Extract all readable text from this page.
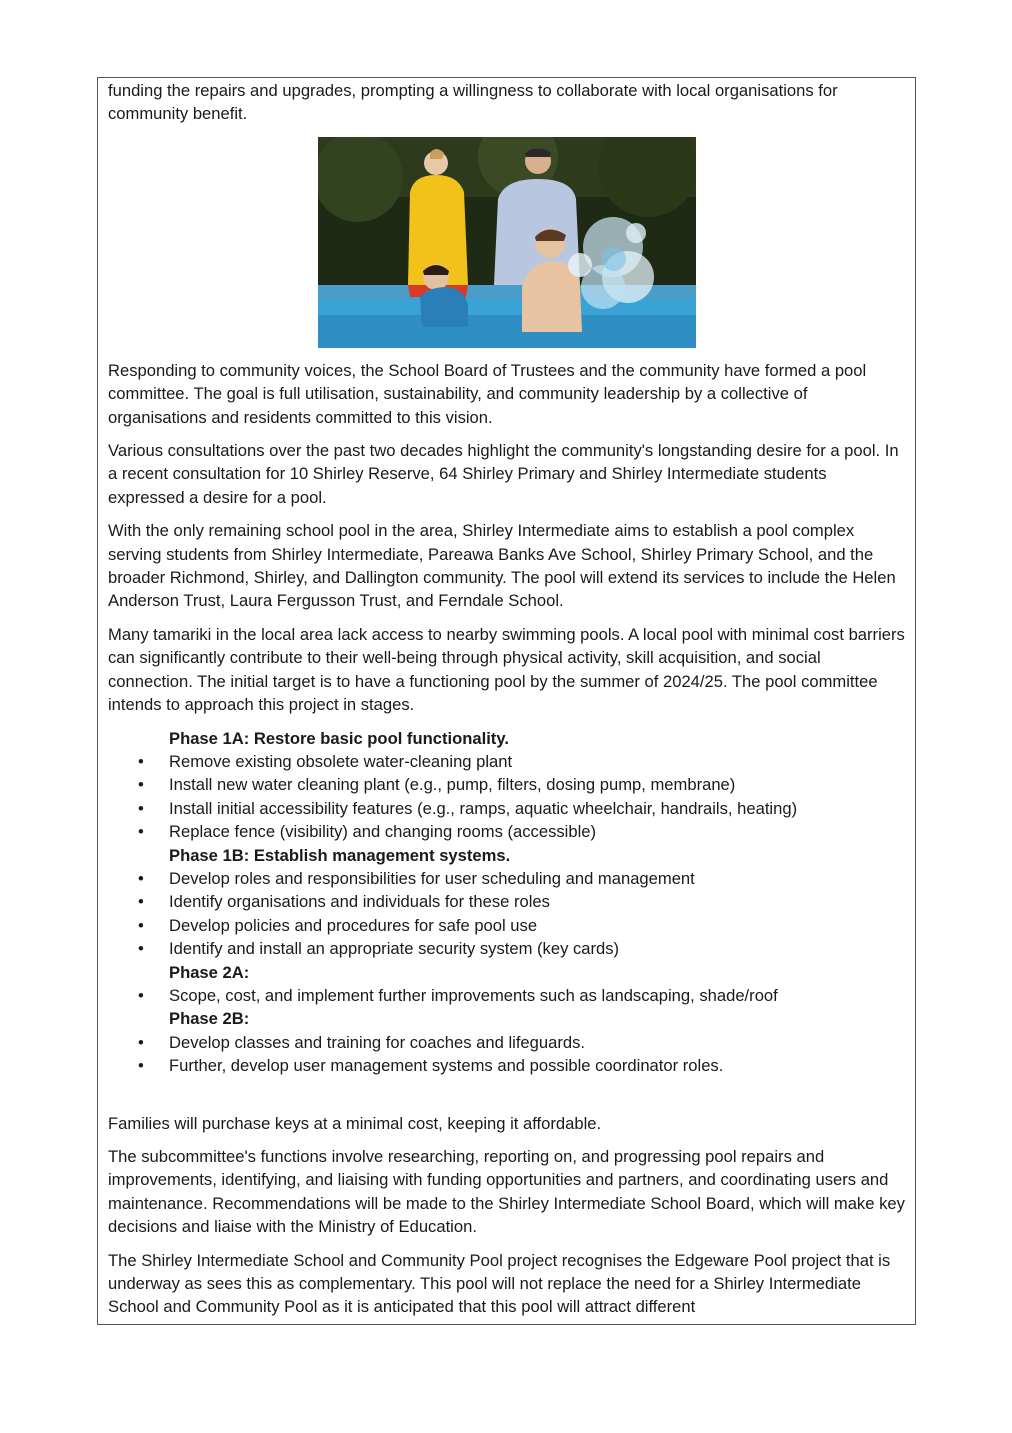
funding the repairs and upgrades, prompting a willingness to collaborate with local organisations for community benefit.

Responding to community voices, the School Board of Trustees and the community have formed a pool committee. The goal is full utilisation, sustainability, and community leadership by a collective of organisations and residents committed to this vision.

Various consultations over the past two decades highlight the community's longstanding desire for a pool. In a recent consultation for 10 Shirley Reserve, 64 Shirley Primary and Shirley Intermediate students expressed a desire for a pool.

With the only remaining school pool in the area, Shirley Intermediate aims to establish a pool complex serving students from Shirley Intermediate, Pareawa Banks Ave School, Shirley Primary School, and the broader Richmond, Shirley, and Dallington community. The pool will extend its services to include the Helen Anderson Trust, Laura Fergusson Trust, and Ferndale School.

Many tamariki in the local area lack access to nearby swimming pools. A local pool with minimal cost barriers can significantly contribute to their well-being through physical activity, skill acquisition, and social connection. The initial target is to have a functioning pool by the summer of 2024/25. The pool committee intends to approach this project in stages.

Phase 1A: Restore basic pool functionality.
• Remove existing obsolete water-cleaning plant
• Install new water cleaning plant (e.g., pump, filters, dosing pump, membrane)
• Install initial accessibility features (e.g., ramps, aquatic wheelchair, handrails, heating)
• Replace fence (visibility) and changing rooms (accessible)
Phase 1B: Establish management systems.
• Develop roles and responsibilities for user scheduling and management
• Identify organisations and individuals for these roles
• Develop policies and procedures for safe pool use
• Identify and install an appropriate security system (key cards)
Phase 2A:
• Scope, cost, and implement further improvements such as landscaping, shade/roof
Phase 2B:
• Develop classes and training for coaches and lifeguards.
• Further, develop user management systems and possible coordinator roles.

Families will purchase keys at a minimal cost, keeping it affordable.

The subcommittee's functions involve researching, reporting on, and progressing pool repairs and improvements, identifying, and liaising with funding opportunities and partners, and coordinating users and maintenance. Recommendations will be made to the Shirley Intermediate School Board, which will make key decisions and liaise with the Ministry of Education.

The Shirley Intermediate School and Community Pool project recognises the Edgeware Pool project that is underway as sees this as complementary. This pool will not replace the need for a Shirley Intermediate School and Community Pool as it is anticipated that this pool will attract different
